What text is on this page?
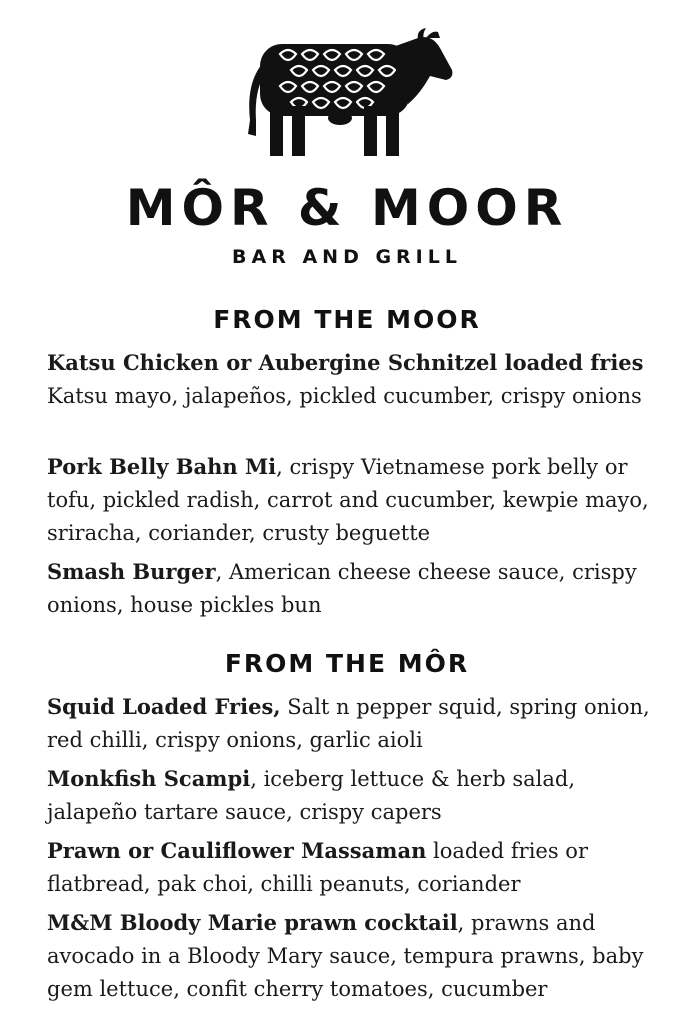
MÔR & MOOR
BAR AND GRILL
FROM THE MOOR
Katsu Chicken or Aubergine Schnitzel loaded fries Katsu mayo, jalapeños, pickled cucumber, crispy onions
Pork Belly Bahn Mi, crispy Vietnamese pork belly or tofu, pickled radish, carrot and cucumber, kewpie mayo, sriracha, coriander, crusty beguette
Smash Burger, American cheese cheese sauce, crispy onions, house pickles bun
FROM THE MÔR
Squid Loaded Fries, Salt n pepper squid, spring onion, red chilli, crispy onions, garlic aioli
Monkfish Scampi, iceberg lettuce & herb salad, jalapeño tartare sauce, crispy capers
Prawn or Cauliflower Massaman loaded fries or flatbread, pak choi, chilli peanuts, coriander
M&M Bloody Marie prawn cocktail, prawns and avocado in a Bloody Mary sauce, tempura prawns, baby gem lettuce, confit cherry tomatoes, cucumber
